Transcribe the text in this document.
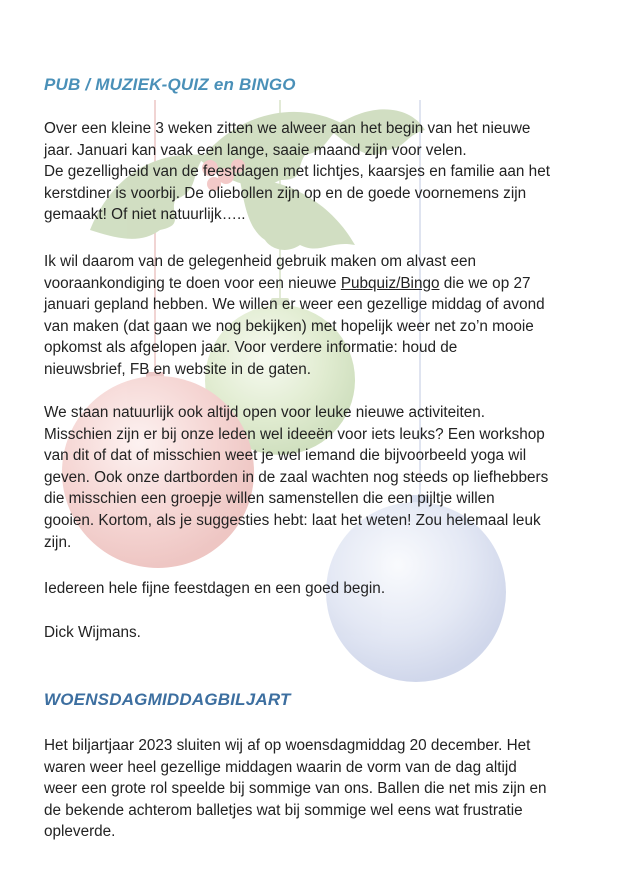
PUB / MUZIEK-QUIZ en BINGO

Over een kleine 3 weken zitten we alweer aan het begin van het nieuwe
jaar. Januari kan vaak een lange, saaie maand zijn voor velen.
De gezelligheid van de feestdagen met lichtjes, kaarsjes en familie aan het
kerstdiner is voorbij. De oliebollen zijn op en de goede voornemens zijn
gemaakt! Of niet natuurlijk…..

Ik wil daarom van de gelegenheid gebruik maken om alvast een
vooraankondiging te doen voor een nieuwe Pubquiz/Bingo die we op 27
januari gepland hebben. We willen er weer een gezellige middag of avond
van maken (dat gaan we nog bekijken) met hopelijk weer net zo’n mooie
opkomst als afgelopen jaar. Voor verdere informatie: houd de
nieuwsbrief, FB en website in de gaten.

We staan natuurlijk ook altijd open voor leuke nieuwe activiteiten.
Misschien zijn er bij onze leden wel ideeën voor iets leuks? Een workshop
van dit of dat of misschien weet je wel iemand die bijvoorbeeld yoga wil
geven. Ook onze dartborden in de zaal wachten nog steeds op liefhebbers
die misschien een groepje willen samenstellen die een pijltje willen
gooien. Kortom, als je suggesties hebt: laat het weten! Zou helemaal leuk
zijn.

Iedereen hele fijne feestdagen en een goed begin.

Dick Wijmans.

WOENSDAGMIDDAGBILJART

Het biljartjaar 2023 sluiten wij af op woensdagmiddag 20 december. Het
waren weer heel gezellige middagen waarin de vorm van de dag altijd
weer een grote rol speelde bij sommige van ons. Ballen die net mis zijn en
de bekende achterom balletjes wat bij sommige wel eens wat frustratie
opleverde.
